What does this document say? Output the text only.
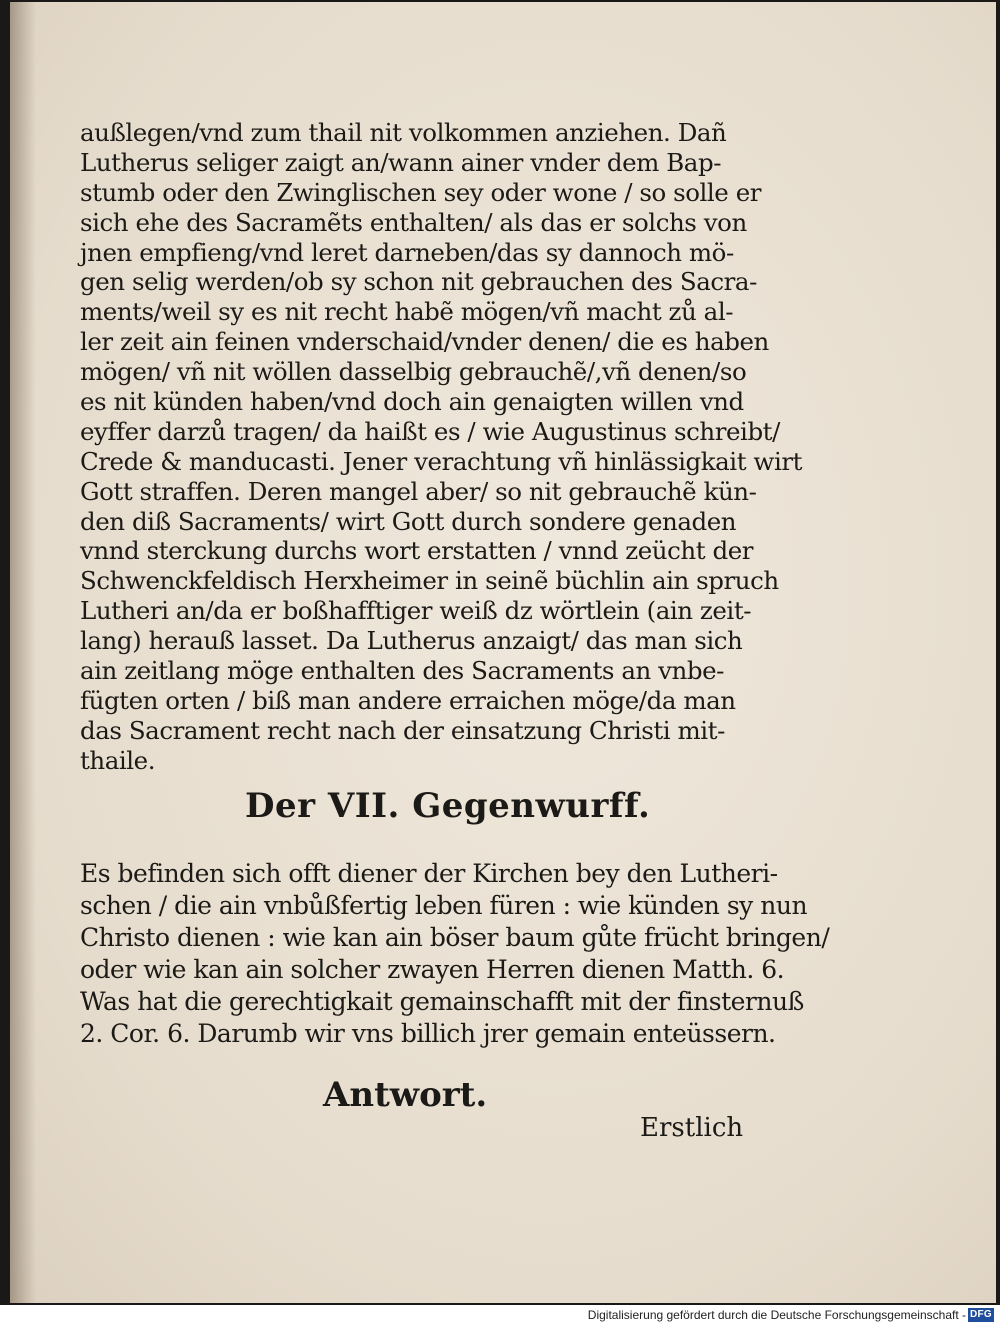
außlegen/vnd zum thail nit volkommen anziehen. Dañ
Lutherus seliger zaigt an/wann ainer vnder dem Bap-
stumb oder den Zwinglischen sey oder wone / so solle er
sich ehe des Sacramẽts enthalten/ als das er solchs von
jnen empfieng/vnd leret darneben/das sy dannoch mö-
gen selig werden/ob sy schon nit gebrauchen des Sacra-
ments/weil sy es nit recht habẽ mögen/vñ macht zů al-
ler zeit ain feinen vnderschaid/vnder denen/ die es haben
mögen/ vñ nit wöllen dasselbig gebrauchẽ/,vñ denen/so
es nit künden haben/vnd doch ain genaigten willen vnd
eyffer darzů tragen/ da haißt es / wie Augustinus schreibt/
Crede & manducasti. Jener verachtung vñ hinlässigkait wirt
Gott straffen. Deren mangel aber/ so nit gebrauchẽ kün-
den diß Sacraments/ wirt Gott durch sondere genaden
vnnd sterckung durchs wort erstatten / vnnd zeücht der
Schwenckfeldisch Herxheimer in seinẽ büchlin ain spruch
Lutheri an/da er boßhafftiger weiß dz wörtlein (ain zeit-
lang) herauß lasset. Da Lutherus anzaigt/ das man sich
ain zeitlang möge enthalten des Sacraments an vnbe-
fügten orten / biß man andere erraichen möge/da man
das Sacrament recht nach der einsatzung Christi mit-
thaile.
Der VII. Gegenwurff.
Es befinden sich offt diener der Kirchen bey den Lutheri-
schen / die ain vnbůßfertig leben füren : wie künden sy nun
Christo dienen : wie kan ain böser baum gůte frücht bringen/
oder wie kan ain solcher zwayen Herren dienen Matth. 6.
Was hat die gerechtigkait gemainschafft mit der finsternuß
2. Cor. 6. Darumb wir vns billich jrer gemain enteüssern.
Antwort.
Erstlich
Digitalisierung gefördert durch die Deutsche Forschungsgemeinschaft - DFG
